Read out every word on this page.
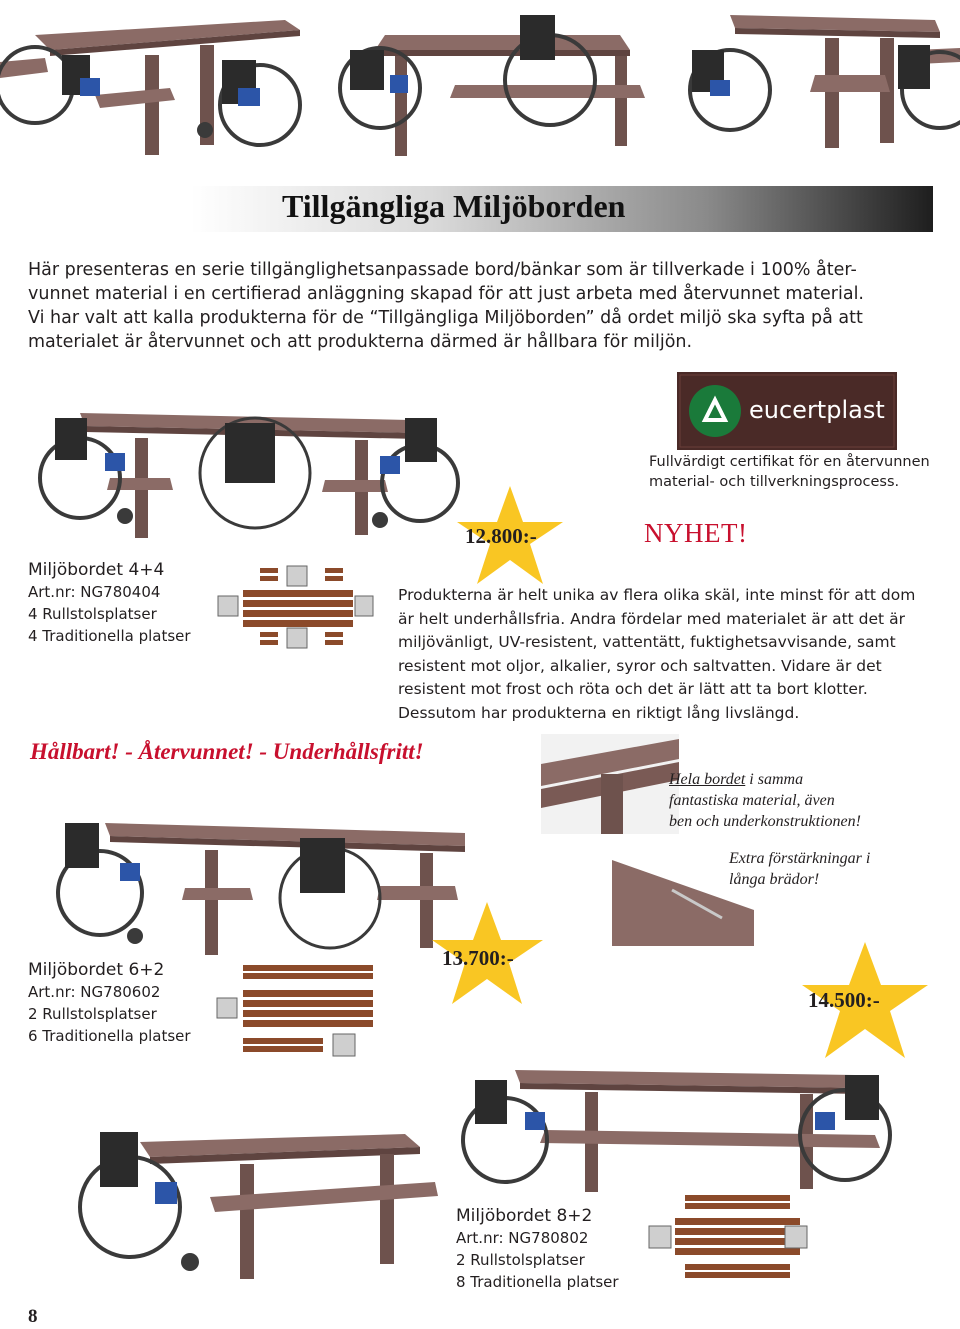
Tillgängliga Miljöborden
Här presenteras en serie tillgänglighetsanpassade bord/bänkar som är tillverkade i 100% åter-
vunnet material i en certifierad anläggning skapad för att just arbeta med återvunnet material.
Vi har valt att kalla produkterna för de “Tillgängliga Miljöborden” då ordet miljö ska syfta på att
materialet är återvunnet och att produkterna därmed är hållbara för miljön.
eucertplast
Fullvärdigt certifikat för en återvunnen
material- och tillverkningsprocess.
Miljöbordet 4+4
Art.nr: NG780404
4 Rullstolsplatser
4 Traditionella platser
12.800:-	NYHET!
Produkterna är helt unika av flera olika skäl, inte minst för att dom
är helt underhållsfria. Andra fördelar med materialet är att det är
miljövänligt, UV-resistent, vattentätt, fuktighetsavvisande, samt
resistent mot oljor, alkalier, syror och saltvatten. Vidare är det
resistent mot frost och röta och det är lätt att ta bort klotter.
Dessutom har produkterna en riktigt lång livslängd.
Hållbart! - Återvunnet! - Underhållsfritt!
Hela bordet i samma
fantastiska material, även
ben och underkonstruktionen!
Extra förstärkningar i
långa brädor!
Miljöbordet 6+2
Art.nr: NG780602
2 Rullstolsplatser
6 Traditionella platser
13.700:-
14.500:-
Miljöbordet 8+2
Art.nr: NG780802
2 Rullstolsplatser
8 Traditionella platser
8
